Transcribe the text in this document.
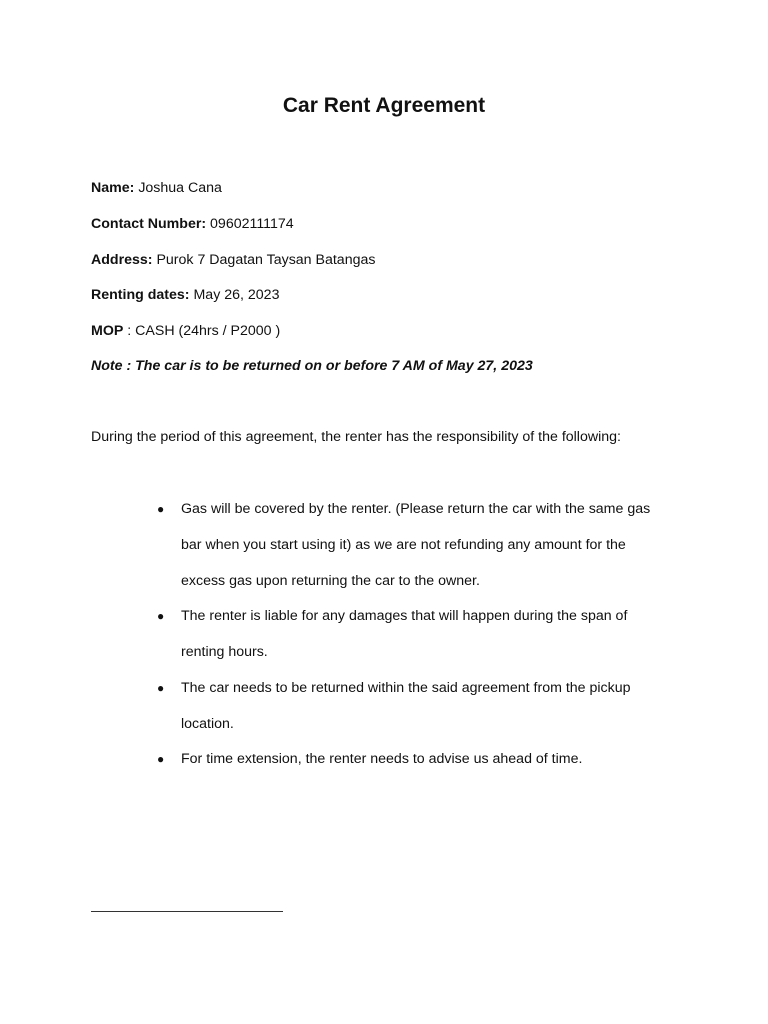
Car Rent Agreement
Name: Joshua Cana
Contact Number: 09602111174
Address: Purok 7 Dagatan Taysan Batangas
Renting dates: May 26, 2023
MOP : CASH (24hrs / P2000 )
Note : The car is to be returned on or before 7 AM of May 27, 2023
During the period of this agreement, the renter has the responsibility of the following:
● Gas will be covered by the renter. (Please return the car with the same gas bar when you start using it) as we are not refunding any amount for the excess gas upon returning the car to the owner.
● The renter is liable for any damages that will happen during the span of renting hours.
● The car needs to be returned within the said agreement from the pickup location.
● For time extension, the renter needs to advise us ahead of time.
